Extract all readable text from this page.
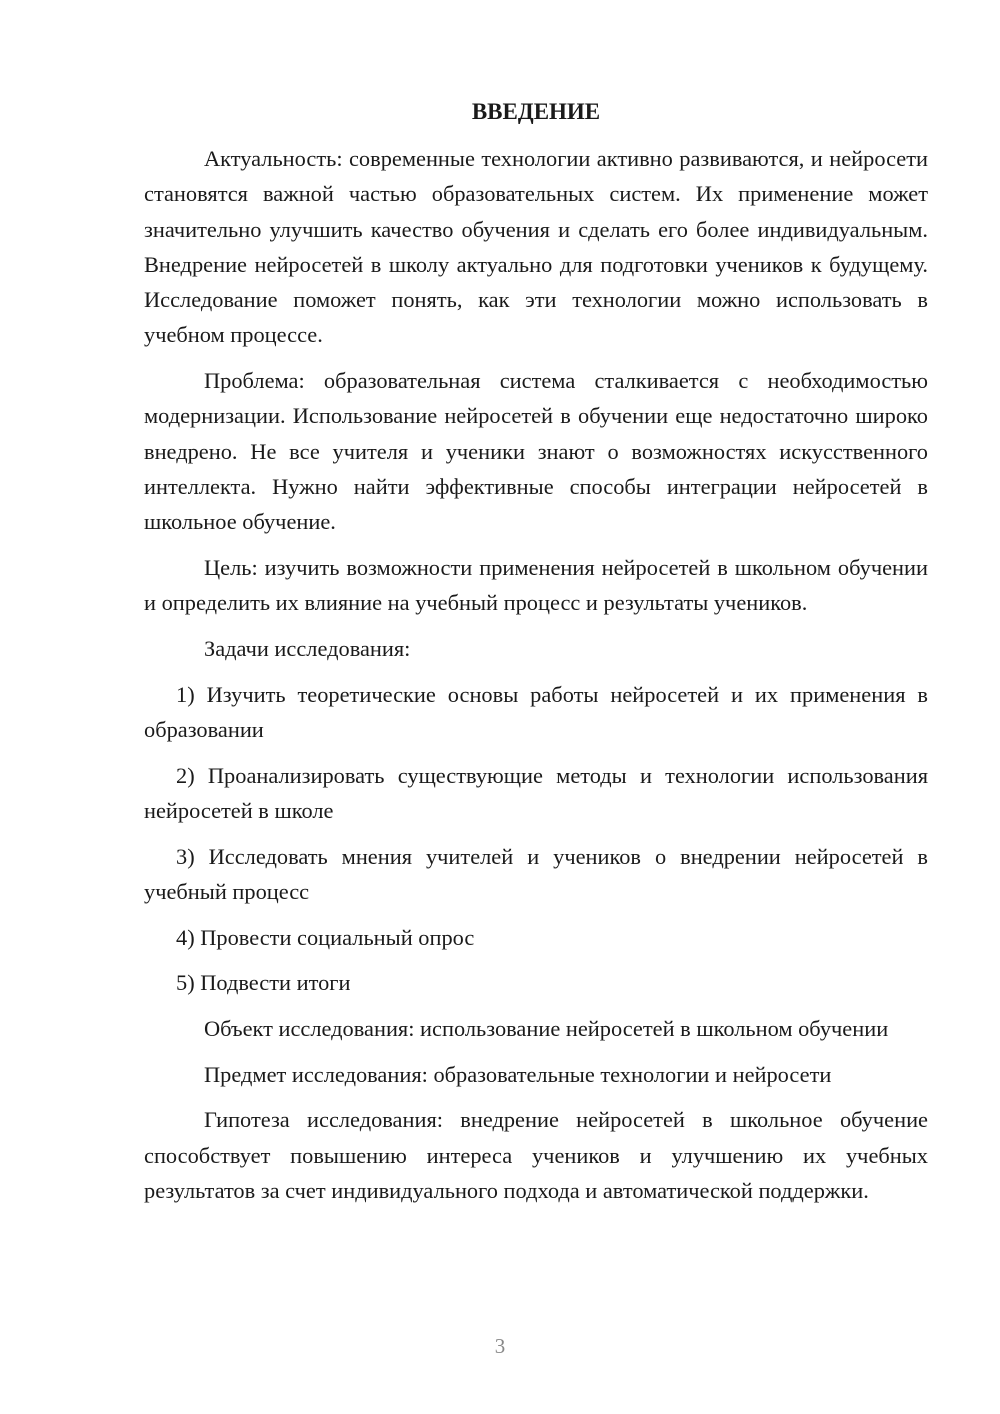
ВВЕДЕНИЕ

Актуальность: современные технологии активно развиваются, и нейросети становятся важной частью образовательных систем. Их применение может значительно улучшить качество обучения и сделать его более индивидуальным. Внедрение нейросетей в школу актуально для подготовки учеников к будущему. Исследование поможет понять, как эти технологии можно использовать в учебном процессе.

Проблема: образовательная система сталкивается с необходимостью модернизации. Использование нейросетей в обучении еще недостаточно широко внедрено. Не все учителя и ученики знают о возможностях искусственного интеллекта. Нужно найти эффективные способы интеграции нейросетей в школьное обучение.

Цель: изучить возможности применения нейросетей в школьном обучении и определить их влияние на учебный процесс и результаты учеников.

Задачи исследования:

1) Изучить теоретические основы работы нейросетей и их применения в образовании

2) Проанализировать существующие методы и технологии использования нейросетей в школе

3) Исследовать мнения учителей и учеников о внедрении нейросетей в учебный процесс

4) Провести социальный опрос

5) Подвести итоги

Объект исследования: использование нейросетей в школьном обучении

Предмет исследования: образовательные технологии и нейросети

Гипотеза исследования: внедрение нейросетей в школьное обучение способствует повышению интереса учеников и улучшению их учебных результатов за счет индивидуального подхода и автоматической поддержки.

3
